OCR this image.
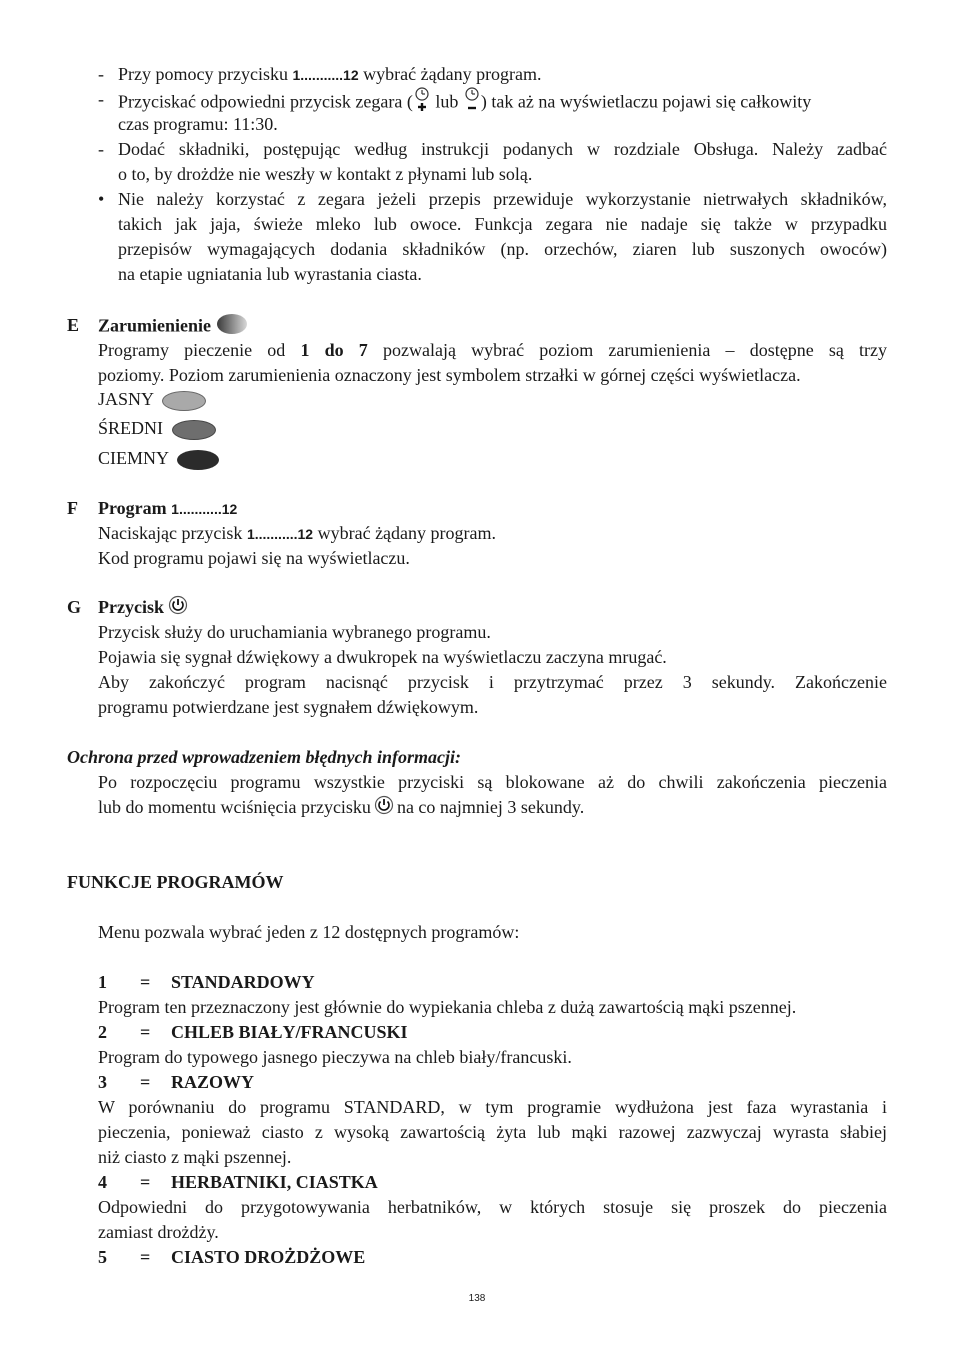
- Przy pomocy przycisku 1...........12 wybrać żądany program.
- Przyciskać odpowiedni przycisk zegara ( lub ) tak aż na wyświetlaczu pojawi się całkowity
czas programu: 11:30.
- Dodać składniki, postępując według instrukcji podanych w rozdziale Obsługa. Należy zadbać
o to, by drożdże nie weszły w kontakt z płynami lub solą.
• Nie należy korzystać z zegara jeżeli przepis przewiduje wykorzystanie nietrwałych składników,
takich jak jaja, świeże mleko lub owoce. Funkcja zegara nie nadaje się także w przypadku
przepisów wymagających dodania składników (np. orzechów, ziaren lub suszonych owoców)
na etapie ugniatania lub wyrastania ciasta.
E Zarumienienie
Programy pieczenie od 1 do 7 pozwalają wybrać poziom zarumienienia – dostępne są trzy
poziomy. Poziom zarumienienia oznaczony jest symbolem strzałki w górnej części wyświetlacza.
JASNY
ŚREDNI
CIEMNY
F Program 1...........12
Naciskając przycisk 1...........12 wybrać żądany program.
Kod programu pojawi się na wyświetlaczu.
G Przycisk
Przycisk służy do uruchamiania wybranego programu.
Pojawia się sygnał dźwiękowy a dwukropek na wyświetlaczu zaczyna mrugać.
Aby zakończyć program nacisnąć przycisk i przytrzymać przez 3 sekundy. Zakończenie
programu potwierdzane jest sygnałem dźwiękowym.
Ochrona przed wprowadzeniem błędnych informacji:
Po rozpoczęciu programu wszystkie przyciski są blokowane aż do chwili zakończenia pieczenia
lub do momentu wciśnięcia przycisku na co najmniej 3 sekundy.
FUNKCJE PROGRAMÓW
Menu pozwala wybrać jeden z 12 dostępnych programów:
1 = STANDARDOWY
Program ten przeznaczony jest głównie do wypiekania chleba z dużą zawartością mąki pszennej.
2 = CHLEB BIAŁY/FRANCUSKI
Program do typowego jasnego pieczywa na chleb biały/francuski.
3 = RAZOWY
W porównaniu do programu STANDARD, w tym programie wydłużona jest faza wyrastania i
pieczenia, ponieważ ciasto z wysoką zawartością żyta lub mąki razowej zazwyczaj wyrasta słabiej
niż ciasto z mąki pszennej.
4 = HERBATNIKI, CIASTKA
Odpowiedni do przygotowywania herbatników, w których stosuje się proszek do pieczenia
zamiast drożdży.
5 = CIASTO DROŻDŻOWE
138
